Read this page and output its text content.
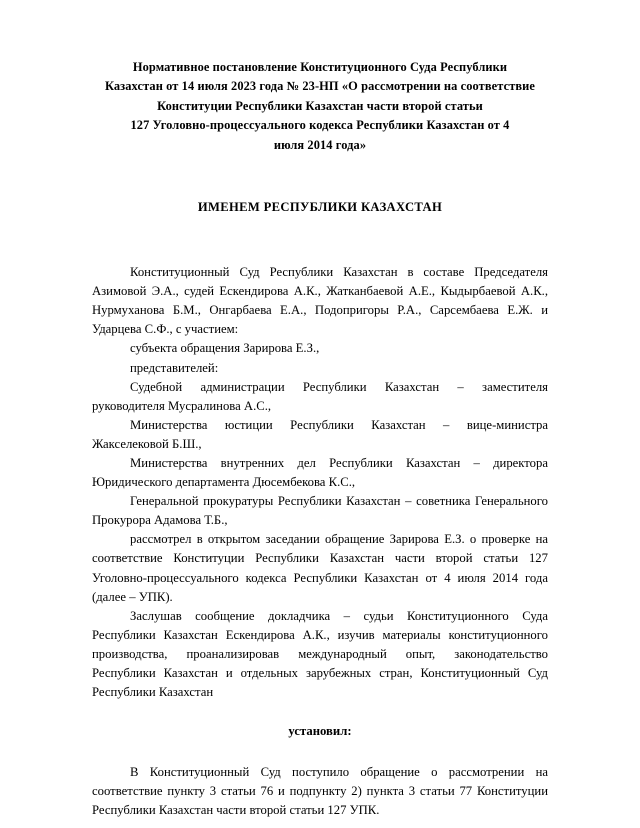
Нормативное постановление Конституционного Суда Республики
Казахстан от 14 июля 2023 года № 23-НП «О рассмотрении на соответствие
Конституции Республики Казахстан части второй статьи
127 Уголовно-процессуального кодекса Республики Казахстан от 4
июля 2014 года»
ИМЕНЕМ РЕСПУБЛИКИ КАЗАХСТАН

Конституционный Суд Республики Казахстан в составе Председателя Азимовой Э.А., судей Ескендирова А.К., Жатканбаевой А.Е., Кыдырбаевой А.К., Нурмуханова Б.М., Онгарбаева Е.А., Подопригоры Р.А., Сарсембаева Е.Ж. и Ударцева С.Ф., с участием:

субъекта обращения Зарирова Е.З.,

представителей:

Судебной администрации Республики Казахстан – заместителя руководителя Мусралинова А.С.,

Министерства юстиции Республики Казахстан – вице-министра Жакселековой Б.Ш.,

Министерства внутренних дел Республики Казахстан – директора Юридического департамента Дюсембекова К.С.,

Генеральной прокуратуры Республики Казахстан – советника Генерального Прокурора Адамова Т.Б.,

рассмотрел в открытом заседании обращение Зарирова Е.З. о проверке на соответствие Конституции Республики Казахстан части второй статьи 127 Уголовно-процессуального кодекса Республики Казахстан от 4 июля 2014 года (далее – УПК).

Заслушав сообщение докладчика – судьи Конституционного Суда Республики Казахстан Ескендирова А.К., изучив материалы конституционного производства, проанализировав международный опыт, законодательство Республики Казахстан и отдельных зарубежных стран, Конституционный Суд Республики Казахстан

установил:

В Конституционный Суд поступило обращение о рассмотрении на соответствие пункту 3 статьи 76 и подпункту 2) пункта 3 статьи 77 Конституции Республики Казахстан части второй статьи 127 УПК.
